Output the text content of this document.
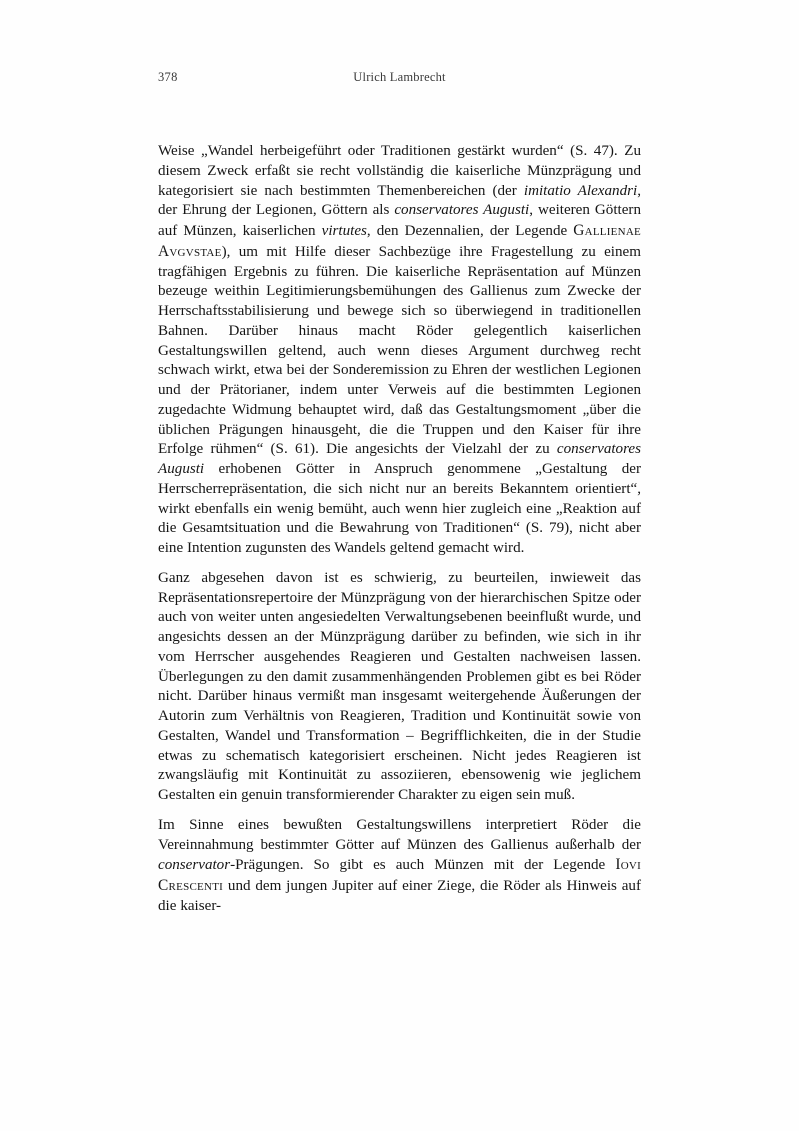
378	Ulrich Lambrecht

Weise „Wandel herbeigeführt oder Traditionen gestärkt wurden“ (S. 47). Zu diesem Zweck erfaßt sie recht vollständig die kaiserliche Münzprägung und kategorisiert sie nach bestimmten Themenbereichen (der imitatio Alexandri, der Ehrung der Legionen, Göttern als conservatores Augusti, weiteren Göttern auf Münzen, kaiserlichen virtutes, den Dezennalien, der Legende Gallienae Avgvstae), um mit Hilfe dieser Sachbezüge ihre Fragestellung zu einem tragfähigen Ergebnis zu führen. Die kaiserliche Repräsentation auf Münzen bezeuge weithin Legitimierungsbemühungen des Gallienus zum Zwecke der Herrschaftsstabilisierung und bewege sich so überwiegend in traditionellen Bahnen. Darüber hinaus macht Röder gelegentlich kaiserlichen Gestaltungswillen geltend, auch wenn dieses Argument durchweg recht schwach wirkt, etwa bei der Sonderemission zu Ehren der westlichen Legionen und der Prätorianer, indem unter Verweis auf die bestimmten Legionen zugedachte Widmung behauptet wird, daß das Gestaltungsmoment „über die üblichen Prägungen hinausgeht, die die Truppen und den Kaiser für ihre Erfolge rühmen“ (S. 61). Die angesichts der Vielzahl der zu conservatores Augusti erhobenen Götter in Anspruch genommene „Gestaltung der Herrscherrepräsentation, die sich nicht nur an bereits Bekanntem orientiert“, wirkt ebenfalls ein wenig bemüht, auch wenn hier zugleich eine „Reaktion auf die Gesamtsituation und die Bewahrung von Traditionen“ (S. 79), nicht aber eine Intention zugunsten des Wandels geltend gemacht wird.

Ganz abgesehen davon ist es schwierig, zu beurteilen, inwieweit das Repräsentationsrepertoire der Münzprägung von der hierarchischen Spitze oder auch von weiter unten angesiedelten Verwaltungsebenen beeinflußt wurde, und angesichts dessen an der Münzprägung darüber zu befinden, wie sich in ihr vom Herrscher ausgehendes Reagieren und Gestalten nachweisen lassen. Überlegungen zu den damit zusammenhängenden Problemen gibt es bei Röder nicht. Darüber hinaus vermißt man insgesamt weitergehende Äußerungen der Autorin zum Verhältnis von Reagieren, Tradition und Kontinuität sowie von Gestalten, Wandel und Transformation – Begrifflichkeiten, die in der Studie etwas zu schematisch kategorisiert erscheinen. Nicht jedes Reagieren ist zwangsläufig mit Kontinuität zu assoziieren, ebensowenig wie jeglichem Gestalten ein genuin transformierender Charakter zu eigen sein muß.

Im Sinne eines bewußten Gestaltungswillens interpretiert Röder die Vereinnahmung bestimmter Götter auf Münzen des Gallienus außerhalb der conservator-Prägungen. So gibt es auch Münzen mit der Legende Iovi Crescenti und dem jungen Jupiter auf einer Ziege, die Röder als Hinweis auf die kaiser-
